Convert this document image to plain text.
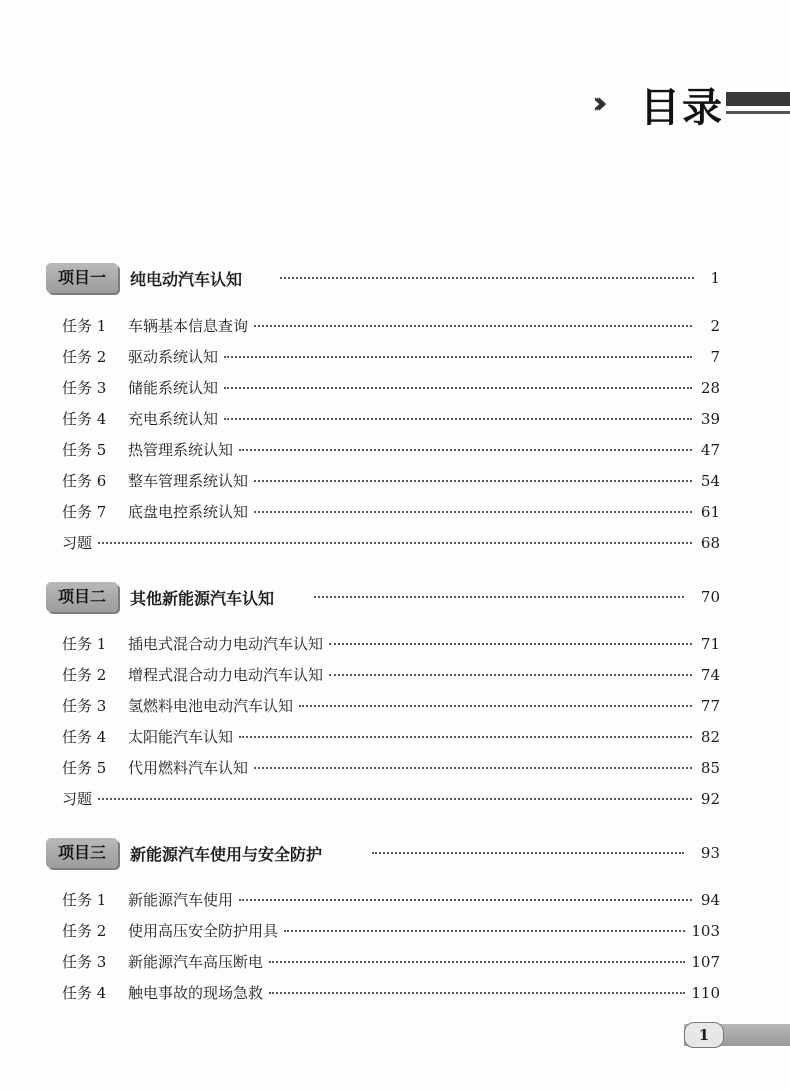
››› 目录
项目一	纯电动汽车认知	1
任务 1	车辆基本信息查询	2
任务 2	驱动系统认知	7
任务 3	储能系统认知	28
任务 4	充电系统认知	39
任务 5	热管理系统认知	47
任务 6	整车管理系统认知	54
任务 7	底盘电控系统认知	61
习题	68
项目二	其他新能源汽车认知	70
任务 1	插电式混合动力电动汽车认知	71
任务 2	增程式混合动力电动汽车认知	74
任务 3	氢燃料电池电动汽车认知	77
任务 4	太阳能汽车认知	82
任务 5	代用燃料汽车认知	85
习题	92
项目三	新能源汽车使用与安全防护	93
任务 1	新能源汽车使用	94
任务 2	使用高压安全防护用具	103
任务 3	新能源汽车高压断电	107
任务 4	触电事故的现场急救	110
1
